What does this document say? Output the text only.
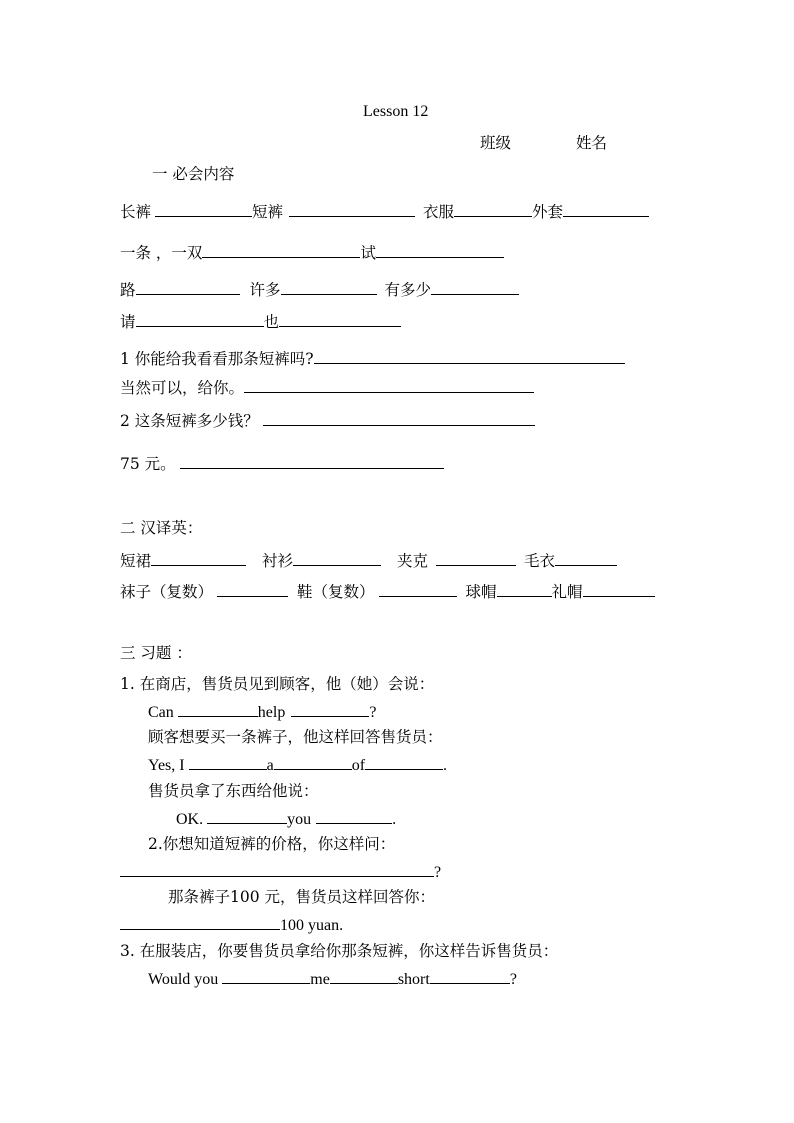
Lesson 12
班级	姓名
一 必会内容
长裤	短裤	衣服	外套
一条 ，一双	试
路	许多	有多少
请	也
1 你能给我看看那条短裤吗?
当然可以，给你。
2 这条短裤多少钱？
75 元。
二 汉译英：
短裙	衬衫	夹克	毛衣
袜子（复数）	鞋（复数）	球帽	礼帽
三 习题 ：
1. 在商店，售货员见到顾客，他（她）会说：
Can	help	?
顾客想要买一条裤子，他这样回答售货员：
Yes, I	a	of	.
售货员拿了东西给他说：
OK.	you	.
2.你想知道短裤的价格，你这样问：
?
那条裤子100 元，售货员这样回答你：
100 yuan.
3. 在服装店，你要售货员拿给你那条短裤，你这样告诉售货员：
Would you	me	short	?
